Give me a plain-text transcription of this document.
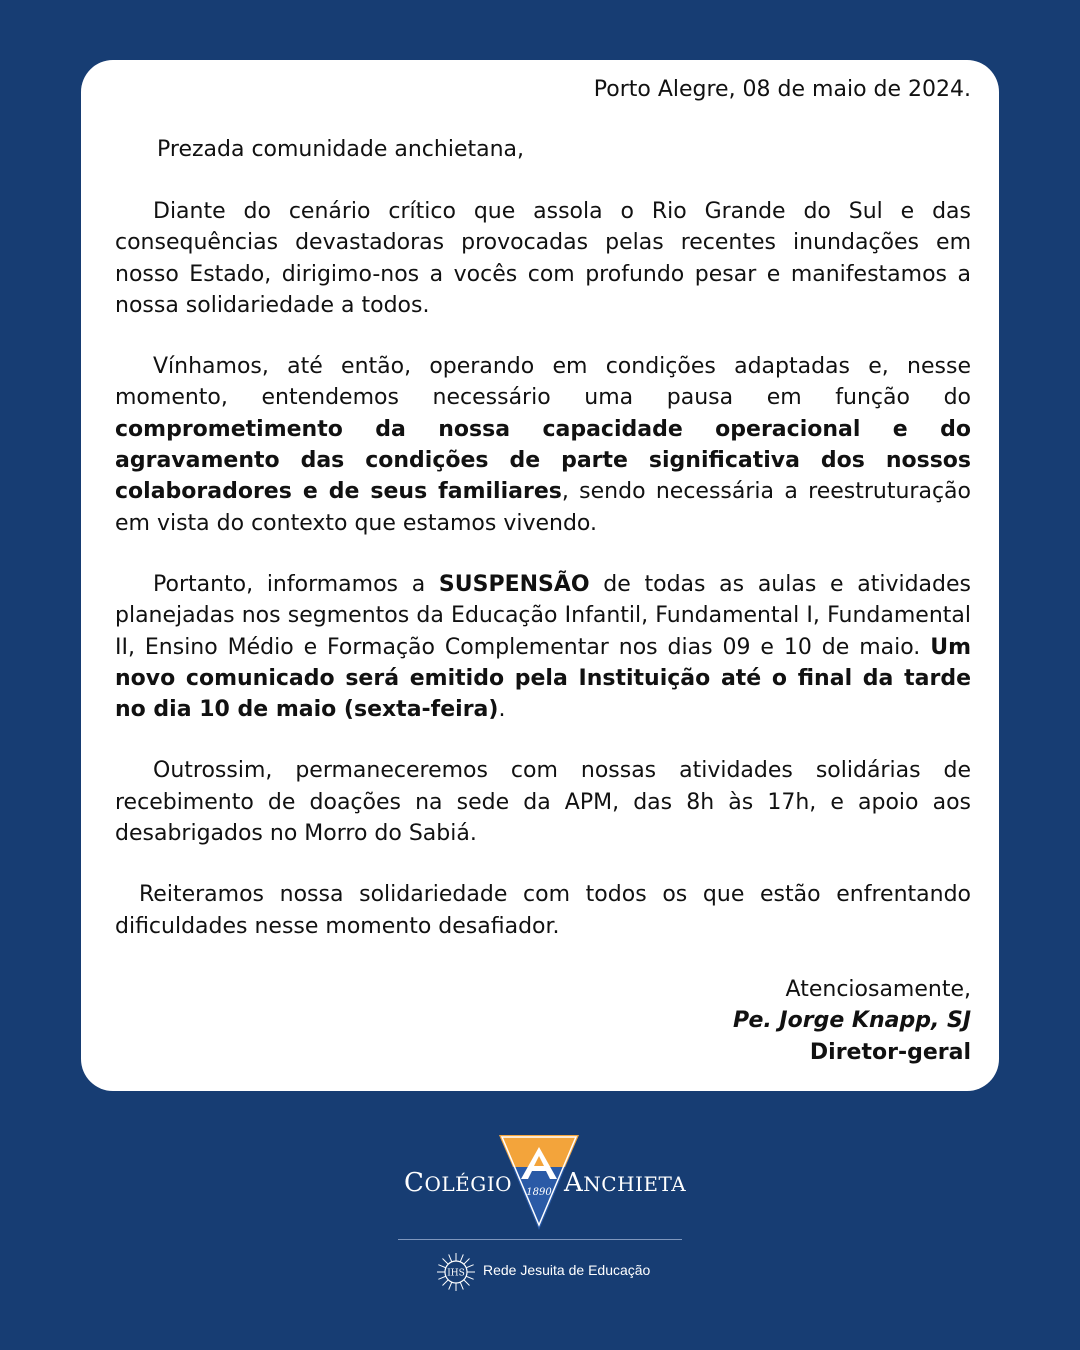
Porto Alegre, 08 de maio de 2024.

Prezada comunidade anchietana,

Diante do cenário crítico que assola o Rio Grande do Sul e das consequências devastadoras provocadas pelas recentes inundações em nosso Estado, dirigimo-nos a vocês com profundo pesar e manifestamos a nossa solidariedade a todos.

Vínhamos, até então, operando em condições adaptadas e, nesse momento, entendemos necessário uma pausa em função do comprometimento da nossa capacidade operacional e do agravamento das condições de parte significativa dos nossos colaboradores e de seus familiares, sendo necessária a reestruturação em vista do contexto que estamos vivendo.

Portanto, informamos a SUSPENSÃO de todas as aulas e atividades planejadas nos segmentos da Educação Infantil, Fundamental I, Fundamental II, Ensino Médio e Formação Complementar nos dias 09 e 10 de maio. Um novo comunicado será emitido pela Instituição até o final da tarde no dia 10 de maio (sexta-feira).

Outrossim, permaneceremos com nossas atividades solidárias de recebimento de doações na sede da APM, das 8h às 17h, e apoio aos desabrigados no Morro do Sabiá.

Reiteramos nossa solidariedade com todos os que estão enfrentando dificuldades nesse momento desafiador.

Atenciosamente,
Pe. Jorge Knapp, SJ
Diretor-geral
COLÉGIO 1890 ANCHIETA
IHS Rede Jesuita de Educação
